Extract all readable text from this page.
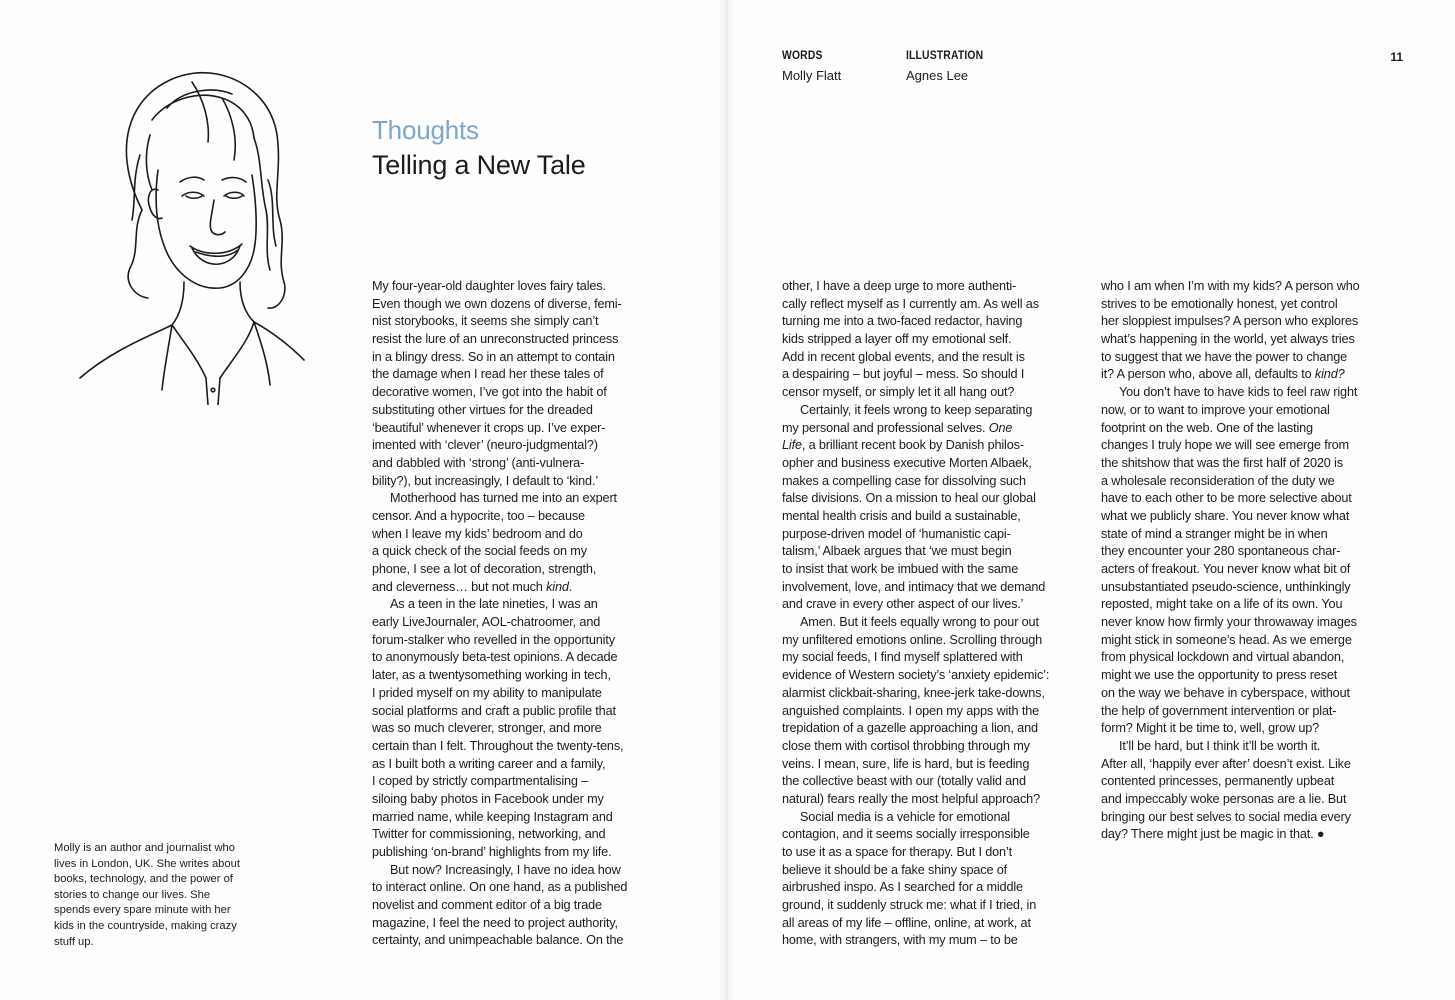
Thoughts
Telling a New Tale

Molly is an author and journalist who lives in London, UK. She writes about books, technology, and the power of stories to change our lives. She spends every spare minute with her kids in the countryside, making crazy stuff up.

My four-year-old daughter loves fairy tales.
Even though we own dozens of diverse, femi-
nist storybooks, it seems she simply can’t
resist the lure of an unreconstructed princess
in a blingy dress. So in an attempt to contain
the damage when I read her these tales of
decorative women, I’ve got into the habit of
substituting other virtues for the dreaded
‘beautiful’ whenever it crops up. I’ve exper-
imented with ‘clever’ (neuro-judgmental?)
and dabbled with ‘strong’ (anti-vulnera-
bility?), but increasingly, I default to ‘kind.’
Motherhood has turned me into an expert
censor. And a hypocrite, too – because
when I leave my kids’ bedroom and do
a quick check of the social feeds on my
phone, I see a lot of decoration, strength,
and cleverness… but not much kind.
As a teen in the late nineties, I was an
early LiveJournaler, AOL-chatroomer, and
forum-stalker who revelled in the opportunity
to anonymously beta-test opinions. A decade
later, as a twentysomething working in tech,
I prided myself on my ability to manipulate
social platforms and craft a public profile that
was so much cleverer, stronger, and more
certain than I felt. Throughout the twenty-tens,
as I built both a writing career and a family,
I coped by strictly compartmentalising –
siloing baby photos in Facebook under my
married name, while keeping Instagram and
Twitter for commissioning, networking, and
publishing ‘on-brand’ highlights from my life.
But now? Increasingly, I have no idea how
to interact online. On one hand, as a published
novelist and comment editor of a big trade
magazine, I feel the need to project authority,
certainty, and unimpeachable balance. On the
other, I have a deep urge to more authenti-
cally reflect myself as I currently am. As well as
turning me into a two-faced redactor, having
kids stripped a layer off my emotional self.
Add in recent global events, and the result is
a despairing – but joyful – mess. So should I
censor myself, or simply let it all hang out?
Certainly, it feels wrong to keep separating
my personal and professional selves. One
Life, a brilliant recent book by Danish philos-
opher and business executive Morten Albaek,
makes a compelling case for dissolving such
false divisions. On a mission to heal our global
mental health crisis and build a sustainable,
purpose-driven model of ‘humanistic capi-
talism,’ Albaek argues that ‘we must begin
to insist that work be imbued with the same
involvement, love, and intimacy that we demand
and crave in every other aspect of our lives.’
Amen. But it feels equally wrong to pour out
my unfiltered emotions online. Scrolling through
my social feeds, I find myself splattered with
evidence of Western society’s ‘anxiety epidemic’:
alarmist clickbait-sharing, knee-jerk take-downs,
anguished complaints. I open my apps with the
trepidation of a gazelle approaching a lion, and
close them with cortisol throbbing through my
veins. I mean, sure, life is hard, but is feeding
the collective beast with our (totally valid and
natural) fears really the most helpful approach?
Social media is a vehicle for emotional
contagion, and it seems socially irresponsible
to use it as a space for therapy. But I don’t
believe it should be a fake shiny space of
airbrushed inspo. As I searched for a middle
ground, it suddenly struck me: what if I tried, in
all areas of my life – offline, online, at work, at
home, with strangers, with my mum – to be
who I am when I’m with my kids? A person who
strives to be emotionally honest, yet control
her sloppiest impulses? A person who explores
what’s happening in the world, yet always tries
to suggest that we have the power to change
it? A person who, above all, defaults to kind?
You don’t have to have kids to feel raw right
now, or to want to improve your emotional
footprint on the web. One of the lasting
changes I truly hope we will see emerge from
the shitshow that was the first half of 2020 is
a wholesale reconsideration of the duty we
have to each other to be more selective about
what we publicly share. You never know what
state of mind a stranger might be in when
they encounter your 280 spontaneous char-
acters of freakout. You never know what bit of
unsubstantiated pseudo-science, unthinkingly
reposted, might take on a life of its own. You
never know how firmly your throwaway images
might stick in someone’s head. As we emerge
from physical lockdown and virtual abandon,
might we use the opportunity to press reset
on the way we behave in cyberspace, without
the help of government intervention or plat-
form? Might it be time to, well, grow up?
It’ll be hard, but I think it’ll be worth it.
After all, ‘happily ever after’ doesn’t exist. Like
contented princesses, permanently upbeat
and impeccably woke personas are a lie. But
bringing our best selves to social media every
day? There might just be magic in that. ●

WORDS

Molly Flatt

ILLUSTRATION

Agnes Lee

11
